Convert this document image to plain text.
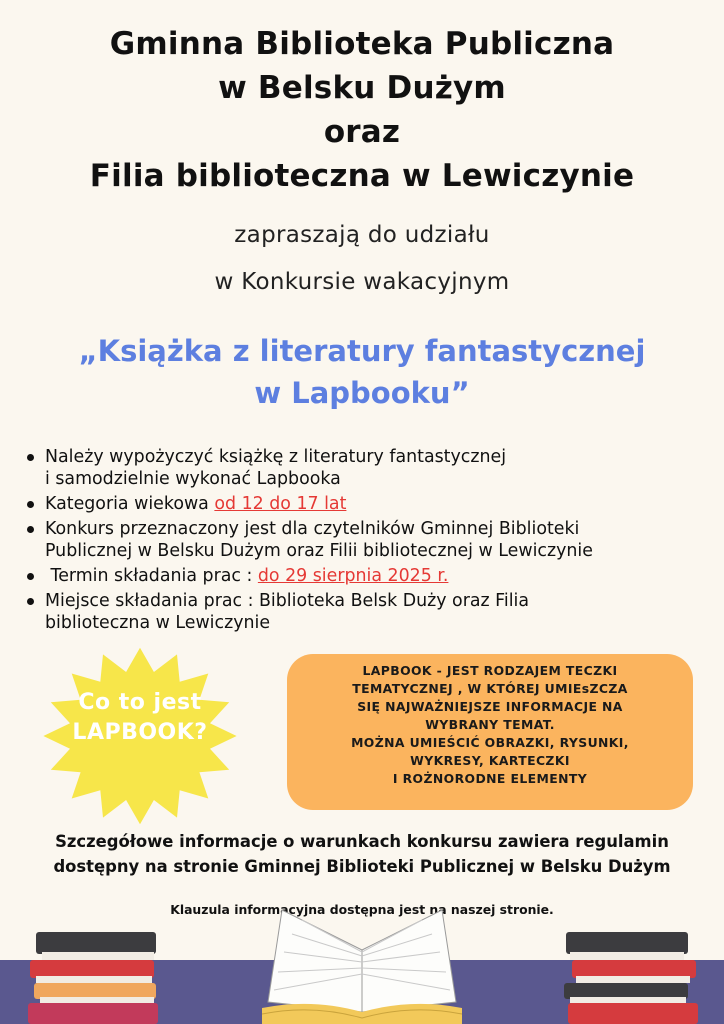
Gminna Biblioteka Publiczna
w Belsku Dużym
oraz
Filia biblioteczna w Lewiczynie
zapraszają do udziału
w Konkursie wakacyjnym
„Książka z literatury fantastycznej
w Lapbooku”
Należy wypożyczyć książkę z literatury fantastycznej
i samodzielnie wykonać Lapbooka
Kategoria wiekowa od 12 do 17 lat
Konkurs przeznaczony jest dla czytelników Gminnej Biblioteki
Publicznej w Belsku Dużym oraz Filii bibliotecznej w Lewiczynie
Termin składania prac : do 29 sierpnia 2025 r.
Miejsce składania prac : Biblioteka Belsk Duży oraz Filia
biblioteczna w Lewiczynie
Co to jest
LAPBOOK?
LAPBOOK - JEST RODZAJEM TECZKI
TEMATYCZNEJ , W KTÓREJ UMIEsZCZA
SIĘ NAJWAŻNIEJSZE INFORMACJE NA
WYBRANY TEMAT.
MOŻNA UMIEŚCIĆ OBRAZKI, RYSUNKI,
WYKRESY, KARTECZKI
I ROŻNORODNE ELEMENTY
Szczegółowe informacje o warunkach konkursu zawiera regulamin
dostępny na stronie Gminnej Biblioteki Publicznej w Belsku Dużym
Klauzula informacyjna dostępna jest na naszej stronie.
